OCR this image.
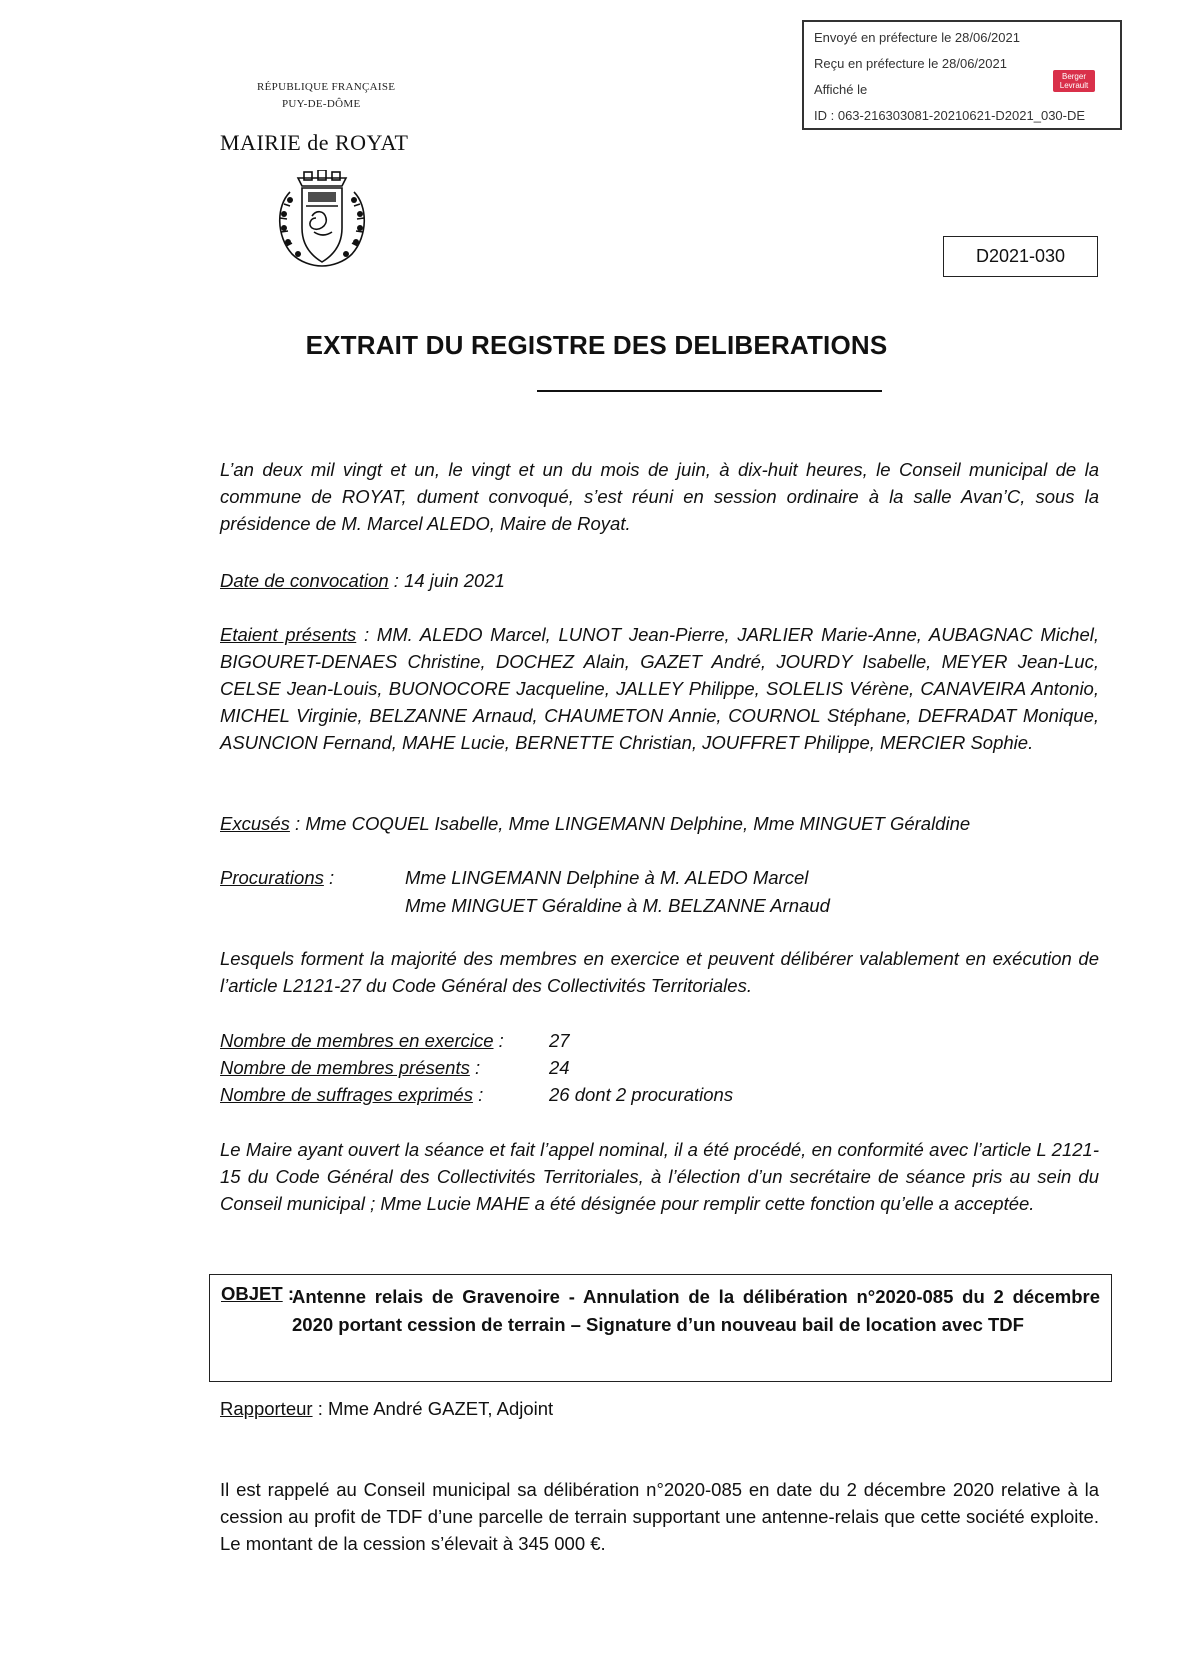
Envoyé en préfecture le 28/06/2021
Reçu en préfecture le 28/06/2021
Affiché le
ID : 063-216303081-20210621-D2021_030-DE
Berger
Levrault
RÉPUBLIQUE FRANÇAISE
PUY-DE-DÔME
MAIRIE de ROYAT
D2021-030
EXTRAIT DU REGISTRE DES DELIBERATIONS
L’an deux mil vingt et un, le vingt et un du mois de juin, à dix-huit heures, le Conseil municipal de la commune de ROYAT, dument convoqué, s’est réuni en session ordinaire à la salle Avan’C, sous la présidence de M. Marcel ALEDO, Maire de Royat.
Date de convocation : 14 juin 2021
Etaient présents : MM. ALEDO Marcel, LUNOT Jean-Pierre, JARLIER Marie-Anne, AUBAGNAC Michel, BIGOURET-DENAES Christine, DOCHEZ Alain, GAZET André, JOURDY Isabelle, MEYER Jean-Luc, CELSE Jean-Louis, BUONOCORE Jacqueline, JALLEY Philippe, SOLELIS Vérène, CANAVEIRA Antonio, MICHEL Virginie, BELZANNE Arnaud, CHAUMETON Annie, COURNOL Stéphane, DEFRADAT Monique, ASUNCION Fernand, MAHE Lucie, BERNETTE Christian, JOUFFRET Philippe, MERCIER Sophie.
Excusés : Mme COQUEL Isabelle, Mme LINGEMANN Delphine, Mme MINGUET Géraldine
Procurations :	Mme LINGEMANN Delphine à M. ALEDO Marcel
Mme MINGUET Géraldine à M. BELZANNE Arnaud
Lesquels forment la majorité des membres en exercice et peuvent délibérer valablement en exécution de l’article L2121-27 du Code Général des Collectivités Territoriales.
Nombre de membres en exercice :	27
Nombre de membres présents :	24
Nombre de suffrages exprimés :	26 dont 2 procurations
Le Maire ayant ouvert la séance et fait l’appel nominal, il a été procédé, en conformité avec l’article L 2121-15 du Code Général des Collectivités Territoriales, à l’élection d’un secrétaire de séance pris au sein du Conseil municipal ; Mme Lucie MAHE a été désignée pour remplir cette fonction qu’elle a acceptée.
OBJET :
Antenne relais de Gravenoire - Annulation de la délibération n°2020-085 du 2 décembre 2020 portant cession de terrain – Signature d’un nouveau bail de location avec TDF
Rapporteur : Mme André GAZET, Adjoint
Il est rappelé au Conseil municipal sa délibération n°2020-085 en date du 2 décembre 2020 relative à la cession au profit de TDF d’une parcelle de terrain supportant une antenne-relais que cette société exploite. Le montant de la cession s’élevait à 345 000 €.
